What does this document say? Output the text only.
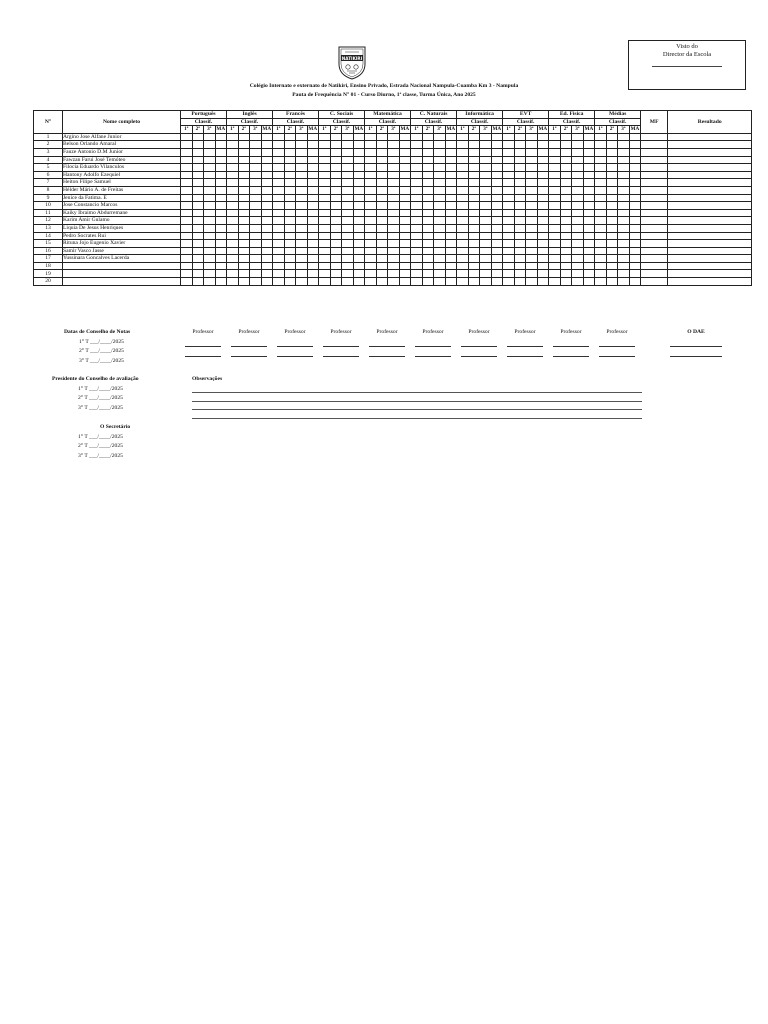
Visto do
Director da Escola
NATIKIRI
Colégio Internato e externato de Natikiri, Ensino Privado, Estrada Nacional Nampula-Cuamba Km 3 - Nampula
Pauta de Frequência N° 01 - Curso Diurno, 1ª classe, Turma Única, Ano 2025
N°	Nome completo	Português				Inglês				Francês				C. Sociais				Matemática				C. Naturais				Informática				EVT				Ed. Fisica				Médias				MF	Resultado
		Classif.				Classif.				Classif.				Classif.				Classif.				Classif.				Classif.				Classif.				Classif.				Classif.					
		1ª	2ª	3ª	MA	1ª	2ª	3ª	MA	1ª	2ª	3ª	MA	1ª	2ª	3ª	MA	1ª	2ª	3ª	MA	1ª	2ª	3ª	MA	1ª	2ª	3ª	MA	1ª	2ª	3ª	MA	1ª	2ª	3ª	MA	1ª	2ª	3ª	MA		
1	Argino Jose Alfane Junior																																										
2	Belson Orlando Amaral																																										
3	Fauze Antonio D.M Junior																																										
4	Fawzan Farui José Temóteo																																										
5	Filocia Eduardo Vilanculos																																										
6	Hantony Adolfo Ezequiel																																										
7	Heiton Filipe Samuel																																										
8	Hélder Mário A. de Freitas																																										
9	Jenice da Fatima. E																																										
10	Jose Constancio Marcos																																										
11	Kaiky Ibraimo Abdurremane																																										
12	Karim Amir Gulamo																																										
13	Liquia De Jesus Henriques																																										
14	Pedro Socrates Rui																																										
15	Rituna Jojo Eugenio Xavier																																										
16	Samir Vasco Jasse																																										
17	Yussinara Goncalves Lacerda																																										
18																																											
19																																											
20																																											
Datas de Conselho de Notas
1° T ___/____/2025
2° T ___/____/2025
3° T ___/____/2025
Professor	Professor	Professor	Professor	Professor	Professor	Professor	Professor	Professor	Professor	O DAE
Presidente do Conselho de avaliação
1° T ___/____/2025
2° T ___/____/2025
3° T ___/____/2025
Observações
O Secretário
1° T ___/____/2025
2° T ___/____/2025
3° T ___/____/2025
